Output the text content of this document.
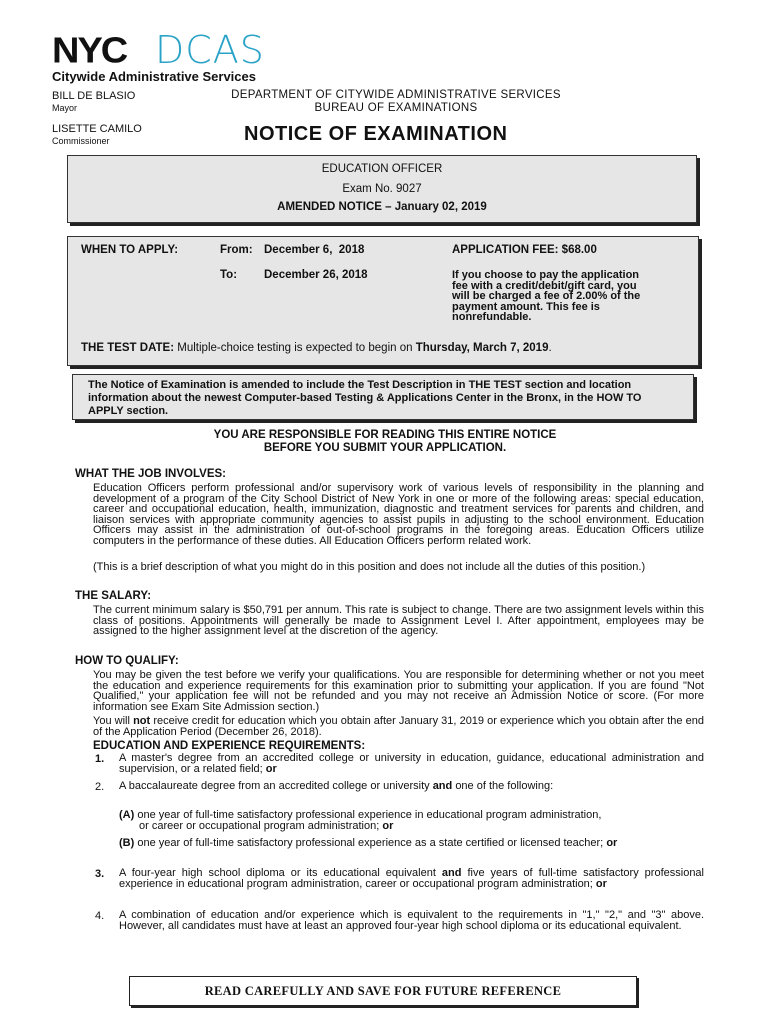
NYC DCAS
Citywide Administrative Services
BILL DE BLASIO
Mayor
LISETTE CAMILO
Commissioner
DEPARTMENT OF CITYWIDE ADMINISTRATIVE SERVICES
BUREAU OF EXAMINATIONS
NOTICE OF EXAMINATION
EDUCATION OFFICER
Exam No. 9027
AMENDED NOTICE – January 02, 2019
WHEN TO APPLY:	From: December 6,  2018
To: December 26, 2018
APPLICATION FEE: $68.00
If you choose to pay the application
fee with a credit/debit/gift card, you
will be charged a fee of 2.00% of the
payment amount. This fee is
nonrefundable.
THE TEST DATE: Multiple-choice testing is expected to begin on Thursday, March 7, 2019.
The Notice of Examination is amended to include the Test Description in THE TEST section and location information about the newest Computer-based Testing & Applications Center in the Bronx, in the HOW TO APPLY section.
YOU ARE RESPONSIBLE FOR READING THIS ENTIRE NOTICE
BEFORE YOU SUBMIT YOUR APPLICATION.
WHAT THE JOB INVOLVES:
Education Officers perform professional and/or supervisory work of various levels of responsibility in the planning and development of a program of the City School District of New York in one or more of the following areas: special education, career and occupational education, health, immunization, diagnostic and treatment services for parents and children, and liaison services with appropriate community agencies to assist pupils in adjusting to the school environment. Education Officers may assist in the administration of out-of-school programs in the foregoing areas. Education Officers utilize computers in the performance of these duties. All Education Officers perform related work.
(This is a brief description of what you might do in this position and does not include all the duties of this position.)
THE SALARY:
The current minimum salary is $50,791 per annum. This rate is subject to change. There are two assignment levels within this class of positions. Appointments will generally be made to Assignment Level I. After appointment, employees may be assigned to the higher assignment level at the discretion of the agency.
HOW TO QUALIFY:
You may be given the test before we verify your qualifications. You are responsible for determining whether or not you meet the education and experience requirements for this examination prior to submitting your application. If you are found "Not Qualified," your application fee will not be refunded and you may not receive an Admission Notice or score. (For more information see Exam Site Admission section.)
You will not receive credit for education which you obtain after January 31, 2019 or experience which you obtain after the end of the Application Period (December 26, 2018).
EDUCATION AND EXPERIENCE REQUIREMENTS:
1. A master's degree from an accredited college or university in education, guidance, educational administration and supervision, or a related field; or
2. A baccalaureate degree from an accredited college or university and one of the following:
(A) one year of full-time satisfactory professional experience in educational program administration,
or career or occupational program administration; or
(B) one year of full-time satisfactory professional experience as a state certified or licensed teacher; or
3. A four-year high school diploma or its educational equivalent and five years of full-time satisfactory professional experience in educational program administration, career or occupational program administration; or
4. A combination of education and/or experience which is equivalent to the requirements in "1," "2," and "3" above. However, all candidates must have at least an approved four-year high school diploma or its educational equivalent.
READ CAREFULLY AND SAVE FOR FUTURE REFERENCE
